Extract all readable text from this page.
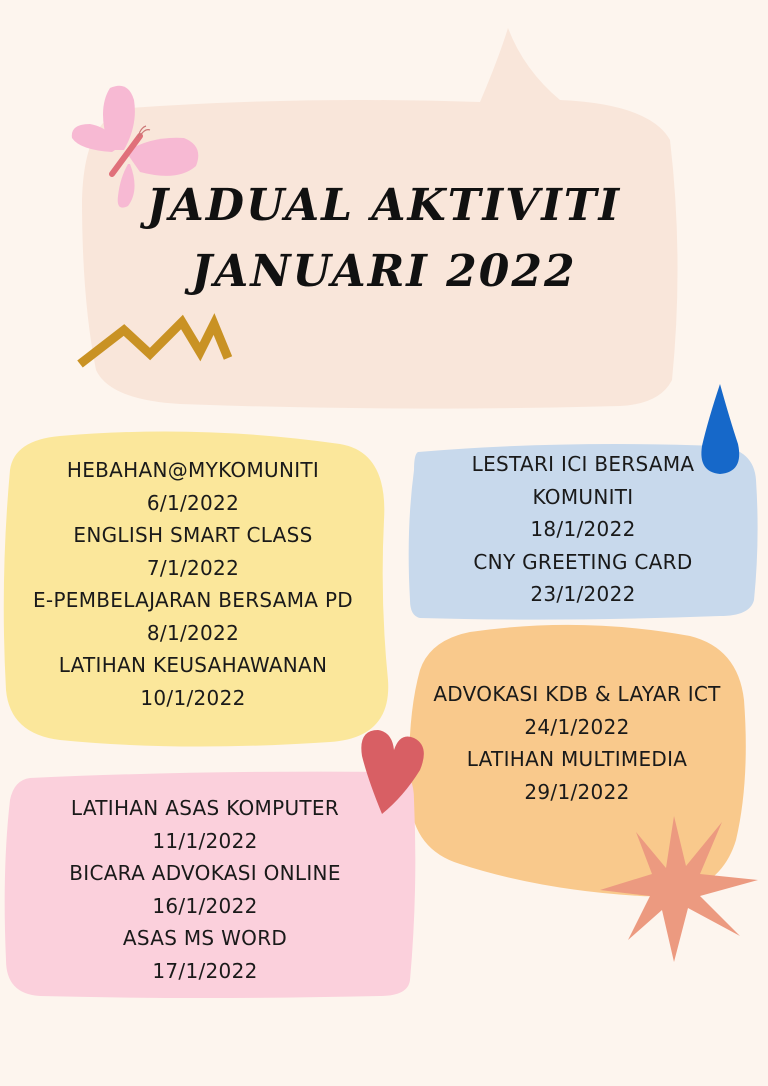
JADUAL AKTIVITI
JANUARI 2022
HEBAHAN@MYKOMUNITI
6/1/2022
ENGLISH SMART CLASS
7/1/2022
E-PEMBELAJARAN BERSAMA PD
8/1/2022
LATIHAN KEUSAHAWANAN
10/1/2022
LESTARI ICI BERSAMA
KOMUNITI
18/1/2022
CNY GREETING CARD
23/1/2022
ADVOKASI KDB & LAYAR ICT
24/1/2022
LATIHAN MULTIMEDIA
29/1/2022
LATIHAN ASAS KOMPUTER
11/1/2022
BICARA ADVOKASI ONLINE
16/1/2022
ASAS MS WORD
17/1/2022
